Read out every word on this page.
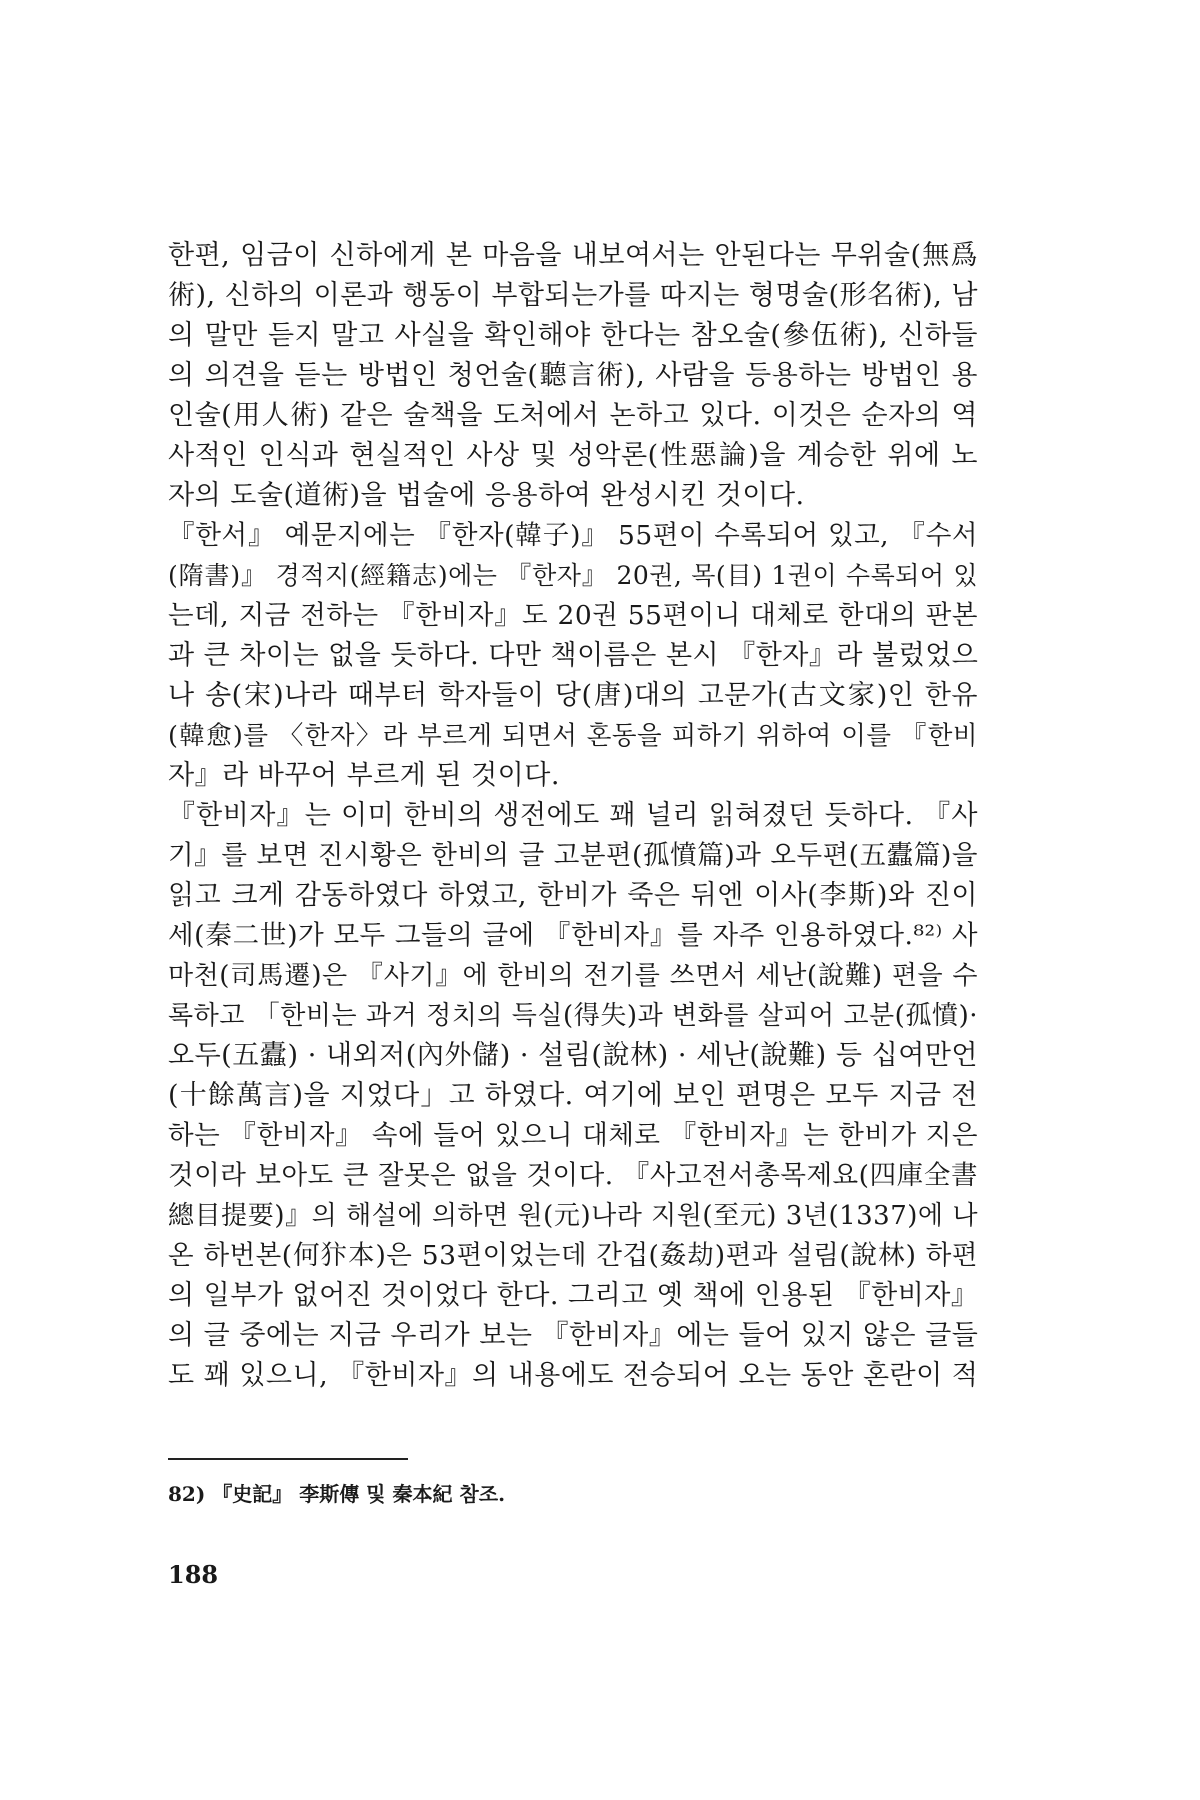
한편, 임금이 신하에게 본 마음을 내보여서는 안된다는 무위술(無爲
術), 신하의 이론과 행동이 부합되는가를 따지는 형명술(形名術), 남
의 말만 듣지 말고 사실을 확인해야 한다는 참오술(參伍術), 신하들
의 의견을 듣는 방법인 청언술(聽言術), 사람을 등용하는 방법인 용
인술(用人術) 같은 술책을 도처에서 논하고 있다. 이것은 순자의 역
사적인 인식과 현실적인 사상 및 성악론(性惡論)을 계승한 위에 노
자의 도술(道術)을 법술에 응용하여 완성시킨 것이다.
『한서』 예문지에는 『한자(韓子)』 55편이 수록되어 있고, 『수서
(隋書)』 경적지(經籍志)에는 『한자』 20권, 목(目) 1권이 수록되어 있
는데, 지금 전하는 『한비자』도 20권 55편이니 대체로 한대의 판본
과 큰 차이는 없을 듯하다. 다만 책이름은 본시 『한자』라 불렀었으
나 송(宋)나라 때부터 학자들이 당(唐)대의 고문가(古文家)인 한유
(韓愈)를 〈한자〉라 부르게 되면서 혼동을 피하기 위하여 이를 『한비
자』라 바꾸어 부르게 된 것이다.
『한비자』는 이미 한비의 생전에도 꽤 널리 읽혀졌던 듯하다. 『사
기』를 보면 진시황은 한비의 글 고분편(孤憤篇)과 오두편(五蠹篇)을
읽고 크게 감동하였다 하였고, 한비가 죽은 뒤엔 이사(李斯)와 진이
세(秦二世)가 모두 그들의 글에 『한비자』를 자주 인용하였다.⁸²⁾ 사
마천(司馬遷)은 『사기』에 한비의 전기를 쓰면서 세난(說難) 편을 수
록하고 「한비는 과거 정치의 득실(得失)과 변화를 살피어 고분(孤憤)·
오두(五蠹) · 내외저(內外儲) · 설림(說林) · 세난(說難) 등 십여만언
(十餘萬言)을 지었다」고 하였다. 여기에 보인 편명은 모두 지금 전
하는 『한비자』 속에 들어 있으니 대체로 『한비자』는 한비가 지은
것이라 보아도 큰 잘못은 없을 것이다. 『사고전서총목제요(四庫全書
總目提要)』의 해설에 의하면 원(元)나라 지원(至元) 3년(1337)에 나
온 하번본(何犿本)은 53편이었는데 간겁(姦劫)편과 설림(說林) 하편
의 일부가 없어진 것이었다 한다. 그리고 옛 책에 인용된 『한비자』
의 글 중에는 지금 우리가 보는 『한비자』에는 들어 있지 않은 글들
도 꽤 있으니, 『한비자』의 내용에도 전승되어 오는 동안 혼란이 적
82) 『史記』 李斯傳 및 秦本紀 참조.
188
